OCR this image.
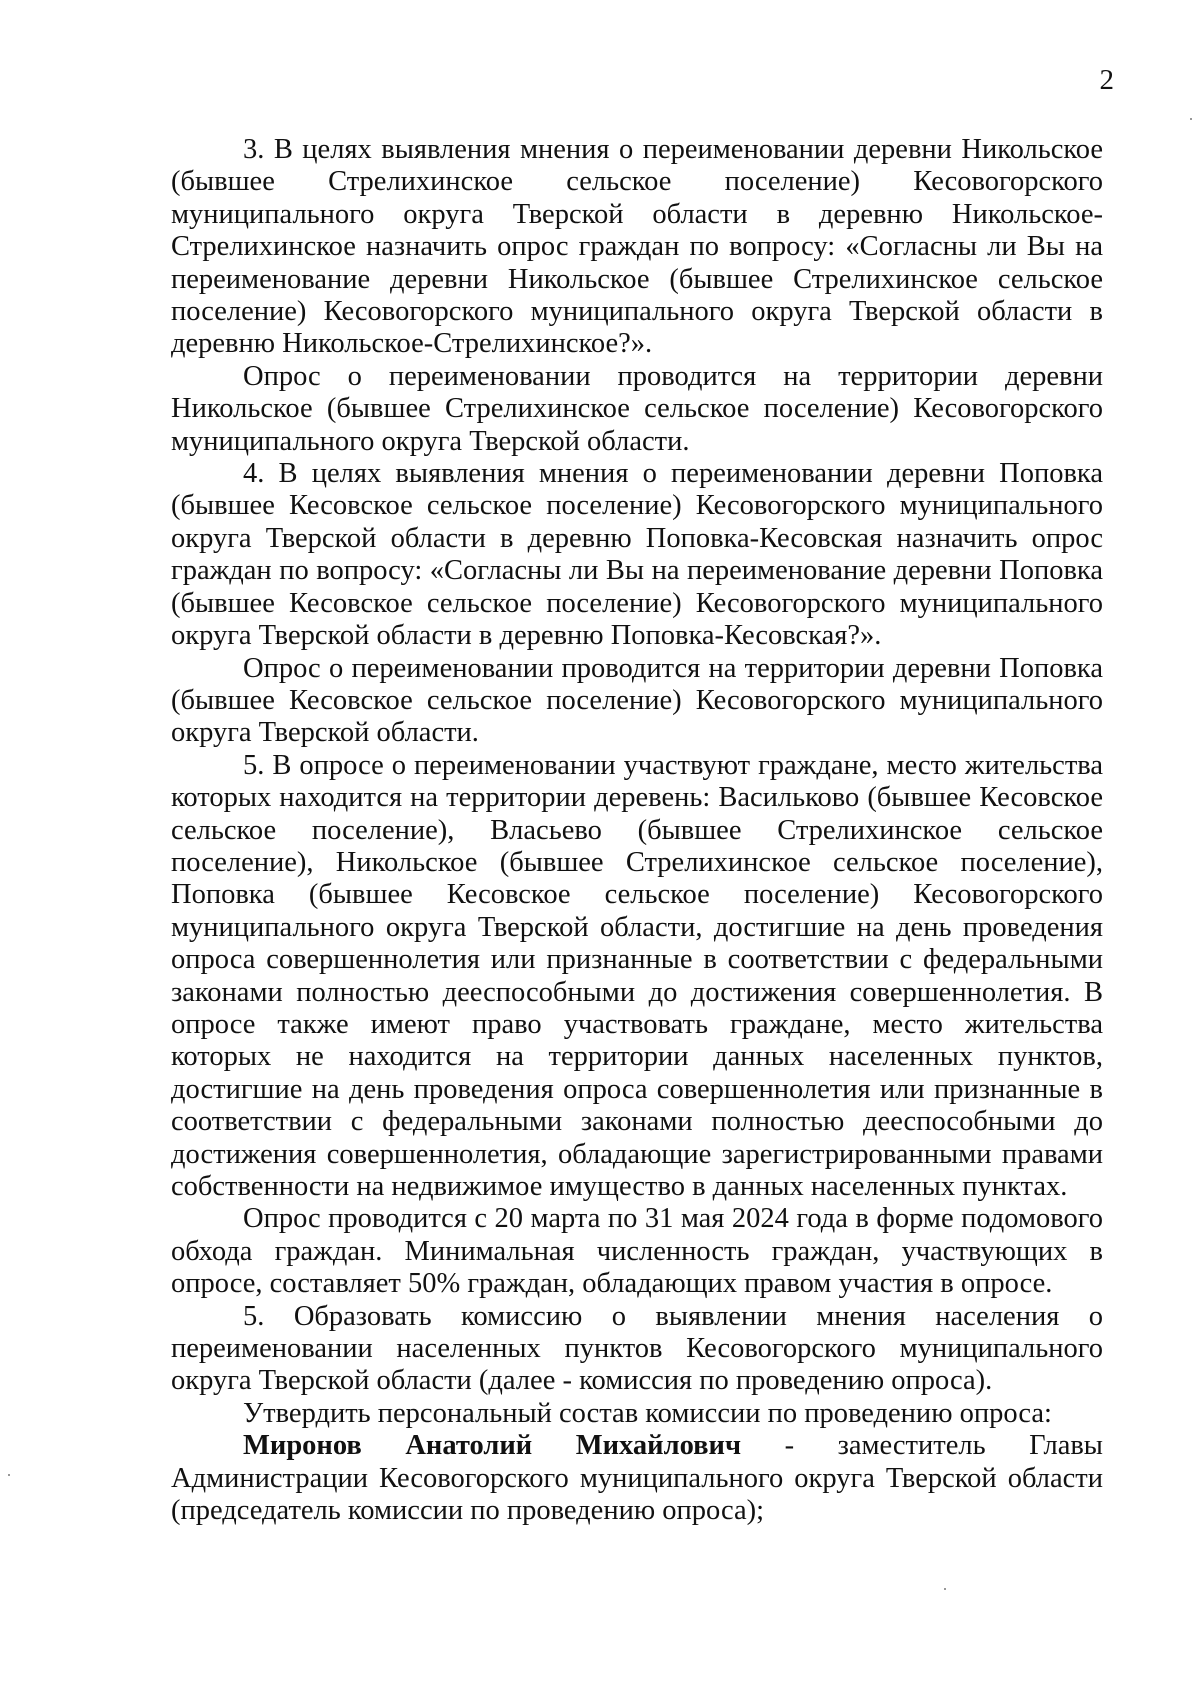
2

3. В целях выявления мнения о переименовании деревни Никольское (бывшее Стрелихинское сельское поселение) Кесовогорского муниципального округа Тверской области в деревню Никольское-Стрелихинское назначить опрос граждан по вопросу: «Согласны ли Вы на переименование деревни Никольское (бывшее Стрелихинское сельское поселение) Кесовогорского муниципального округа Тверской области в деревню Никольское-Стрелихинское?».

Опрос о переименовании проводится на территории деревни Никольское (бывшее Стрелихинское сельское поселение) Кесовогорского муниципального округа Тверской области.

4. В целях выявления мнения о переименовании деревни Поповка (бывшее Кесовское сельское поселение) Кесовогорского муниципального округа Тверской области в деревню Поповка-Кесовская назначить опрос граждан по вопросу: «Согласны ли Вы на переименование деревни Поповка (бывшее Кесовское сельское поселение) Кесовогорского муниципального округа Тверской области в деревню Поповка-Кесовская?».

Опрос о переименовании проводится на территории деревни Поповка (бывшее Кесовское сельское поселение) Кесовогорского муниципального округа Тверской области.

5. В опросе о переименовании участвуют граждане, место жительства которых находится на территории деревень: Васильково (бывшее Кесовское сельское поселение), Власьево (бывшее Стрелихинское сельское поселение), Никольское (бывшее Стрелихинское сельское поселение), Поповка (бывшее Кесовское сельское поселение) Кесовогорского муниципального округа Тверской области, достигшие на день проведения опроса совершеннолетия или признанные в соответствии с федеральными законами полностью дееспособными до достижения совершеннолетия. В опросе также имеют право участвовать граждане, место жительства которых не находится на территории данных населенных пунктов, достигшие на день проведения опроса совершеннолетия или признанные в соответствии с федеральными законами полностью дееспособными до достижения совершеннолетия, обладающие зарегистрированными правами собственности на недвижимое имущество в данных населенных пунктах.

Опрос проводится с 20 марта по 31 мая 2024 года в форме подомового обхода граждан. Минимальная численность граждан, участвующих в опросе, составляет 50% граждан, обладающих правом участия в опросе.

5. Образовать комиссию о выявлении мнения населения о переименовании населенных пунктов Кесовогорского муниципального округа Тверской области (далее - комиссия по проведению опроса).

Утвердить персональный состав комиссии по проведению опроса:

Миронов Анатолий Михайлович - заместитель Главы

Администрации Кесовогорского муниципального округа Тверской области (председатель комиссии по проведению опроса);
